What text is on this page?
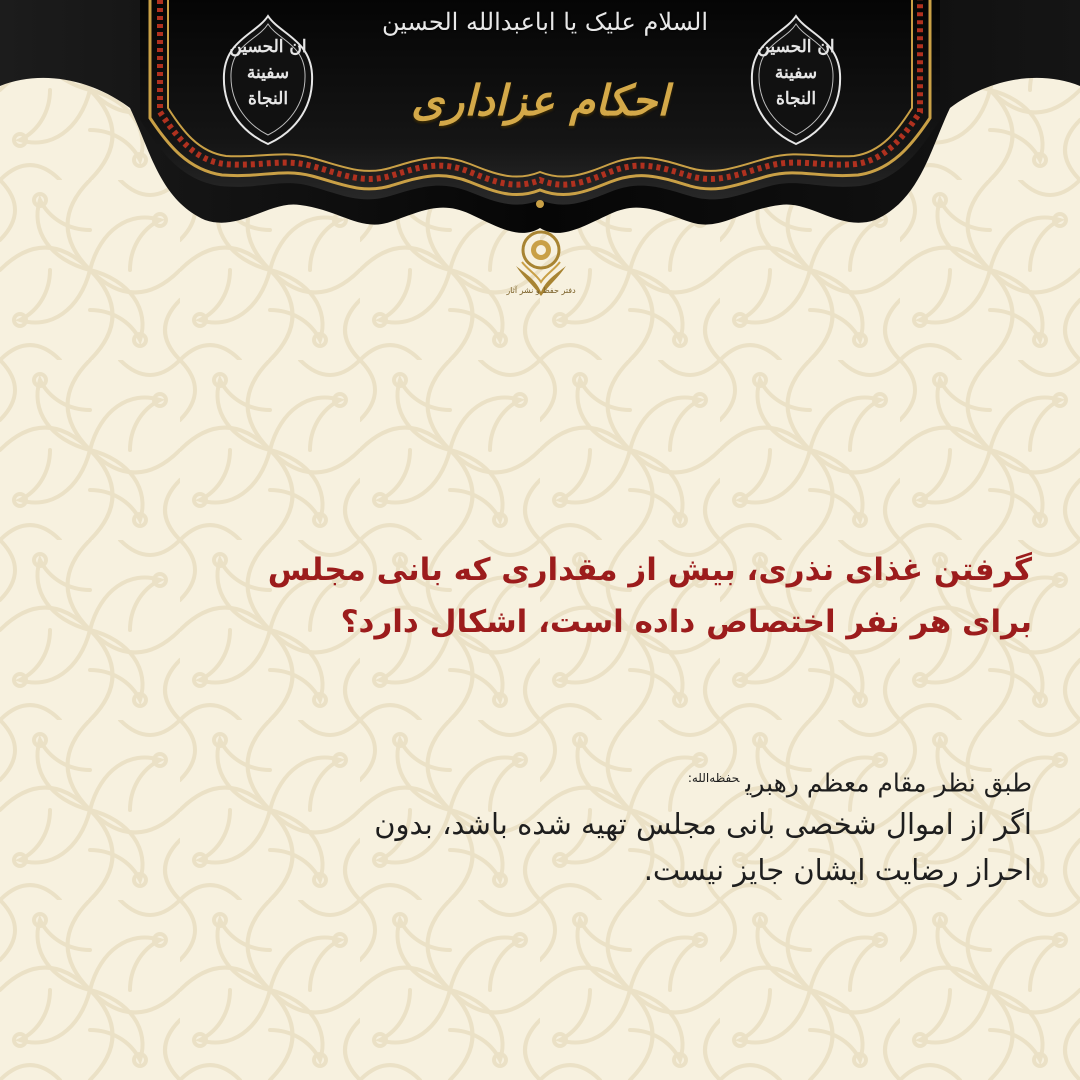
ان الحسین
سفینة
النجاة
ان الحسین
سفینة
النجاة
السلام علیک یا اباعبدالله الحسین
احکام عزاداری
دفتر حفظ و نشر آثار
گرفتن غذای نذری، بیش از مقداری که بانی مجلس
برای هر نفر اختصاص داده است، اشکال دارد؟
طبق نظر مقام معظم رهبری$^{حفظه‌الله:}$
اگر از اموال شخصی بانی مجلس تهیه شده باشد، بدون
احراز رضایت ایشان جایز نیست.
